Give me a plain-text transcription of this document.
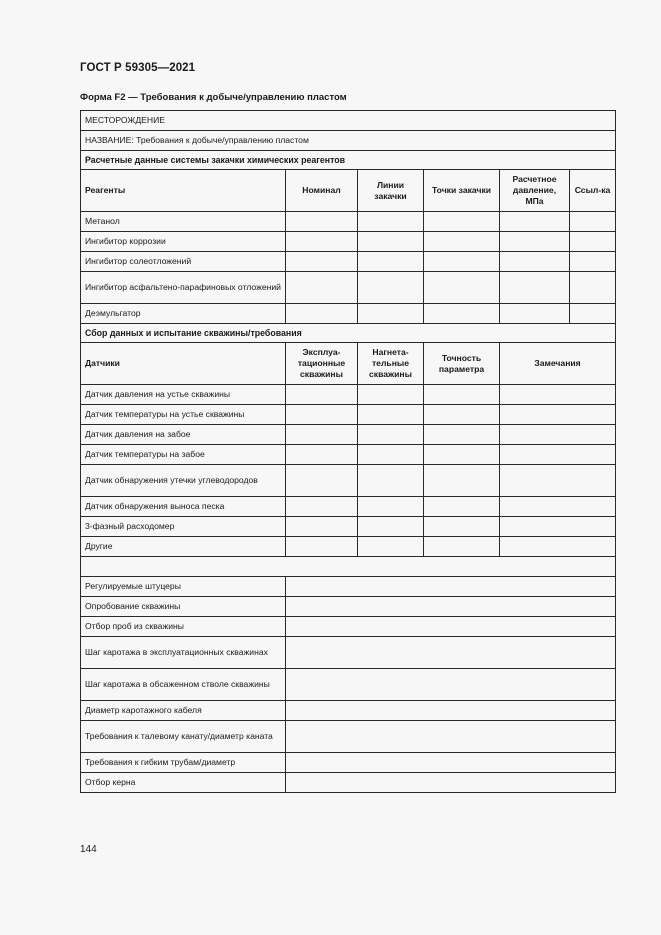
ГОСТ Р 59305—2021
Форма F2 — Требования к добыче/управлению пластом
МЕСТОРОЖДЕНИЕ					
НАЗВАНИЕ: Требования к добыче/управлению пластом					
Расчетные данные системы закачки химических реагентов					
Реагенты	Номинал	Линии закачки	Точки закачки	Расчетное давление, МПа	Ссыл-ка
Метанол					
Ингибитор коррозии					
Ингибитор солеотложений					
Ингибитор асфальтено-парафиновых отложений					
Деэмульгатор					
Сбор данных и испытание скважины/требования					
Датчики	Эксплуа-тационные скважины	Нагнета-тельные скважины	Точность параметра	Замечания	
Датчик давления на устье скважины					
Датчик температуры на устье скважины					
Датчик давления на забое					
Датчик температуры на забое					
Датчик обнаружения утечки углеводородов					
Датчик обнаружения выноса песка					
3-фазный расходомер					
Другие					

Регулируемые штуцеры					
Опробование скважины					
Отбор проб из скважины					
Шаг каротажа в эксплуатационных скважинах					
Шаг каротажа в обсаженном стволе скважины					
Диаметр каротажного кабеля					
Требования к талевому канату/диаметр каната					
Требования к гибким трубам/диаметр					
Отбор керна					
144
